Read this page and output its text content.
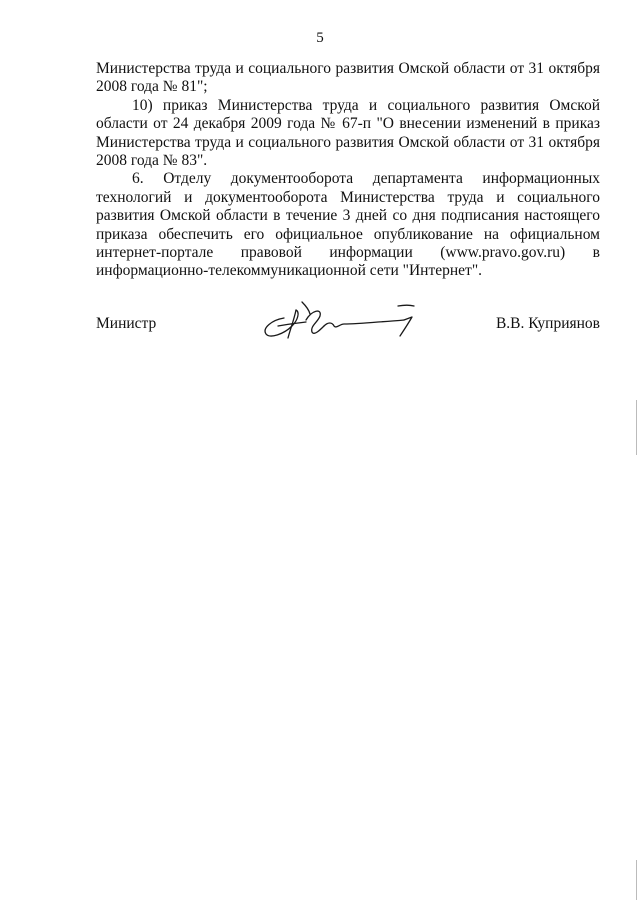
5

Министерства труда и социального развития Омской области от 31 октября 2008 года № 81";

10) приказ Министерства труда и социального развития Омской области от 24 декабря 2009 года № 67-п "О внесении изменений в приказ Министерства труда и социального развития Омской области от 31 октября 2008 года № 83".

6. Отделу документооборота департамента информационных технологий и документооборота Министерства труда и социального развития Омской области в течение 3 дней со дня подписания настоящего приказа обеспечить его официальное опубликование на официальном интернет-портале правовой информации (www.pravo.gov.ru) в информационно-телекоммуникационной сети "Интернет".

Министр	В.В. Куприянов
